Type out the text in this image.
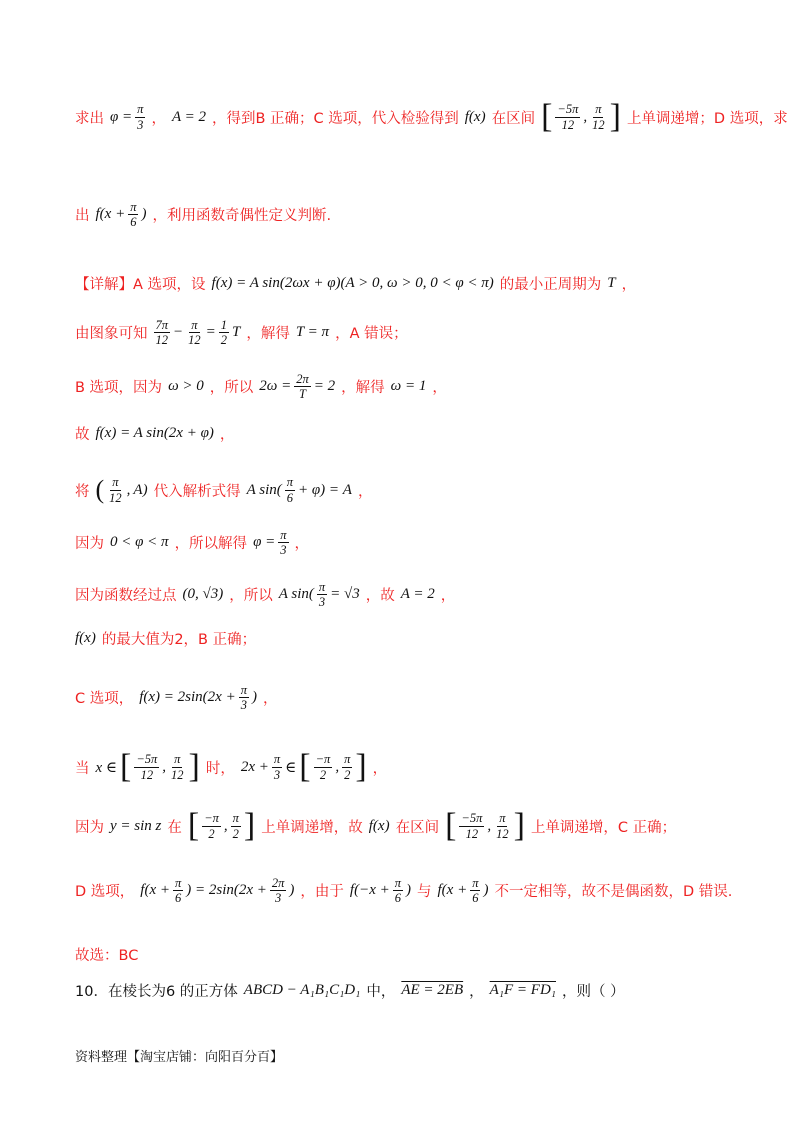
求出 $\varphi = \frac{\pi}{3}$ ， A = 2 ，得到B 正确；C 选项，代入检验得到 f(x) 在区间 [ $\frac{-5\pi}{12}$ , $\frac{\pi}{12}$ ] 上单调递增；D 选项，求
出 $f(x + \frac{\pi}{6}$ ) ，利用函数奇偶性定义判断.
【详解】A 选项，设 f(x) = A sin(2ωx + φ)(A > 0, ω > 0, 0 < φ < π) 的最小正周期为 T ，
由图象可知 $\frac{7\pi}{12} - \frac{\pi}{12} = \frac{1}{2}$ T ，解得 T = π ，A 错误；
B 选项，因为 ω > 0 ，所以 $2\omega = \frac{2\pi}{T} = 2$ ，解得 ω = 1 ，
故 f(x) = A sin(2x + φ) ，
将 ( $\frac{\pi}{12}$ , A) 代入解析式得 A $\sin( \frac{\pi}{6} + \varphi) = A$ ，
因为 0 < φ < π ，所以解得 $\varphi = \frac{\pi}{3}$ ，
因为函数经过点 (0, √3) ，所以 A $\sin( \frac{\pi}{3} = √3$ ，故 A = 2 ，
f(x) 的最大值为2，B 正确；
C 选项， $f(x) = 2\sin(2x + \frac{\pi}{3}$ ) ，
当 x ∈ [ $\frac{-5\pi}{12}$ , $\frac{\pi}{12}$ ] 时， $2x + \frac{\pi}{3}$ ∈ [ $\frac{-\pi}{2}$ , $\frac{\pi}{2}$ ] ，
因为 y = sin z 在 [ $\frac{-\pi}{2}$ , $\frac{\pi}{2}$ ] 上单调递增，故 f(x) 在区间 [ $\frac{-5\pi}{12}$ , $\frac{\pi}{12}$ ] 上单调递增，C 正确；
D 选项， $f(x + \frac{\pi}{6}$ ) = $2\sin(2x + \frac{2\pi}{3}$ ) ，由于 $f(-x + \frac{\pi}{6}$ ) 与 $f(x + \frac{\pi}{6}$ ) 不一定相等，故不是偶函数，D 错误.
故选：BC
10．在棱长为6 的正方体 ABCD − A₁B₁C₁D₁ 中， AE = 2EB ， A₁F = FD₁ ，则（ ）
资料整理【淘宝店铺：向阳百分百】
